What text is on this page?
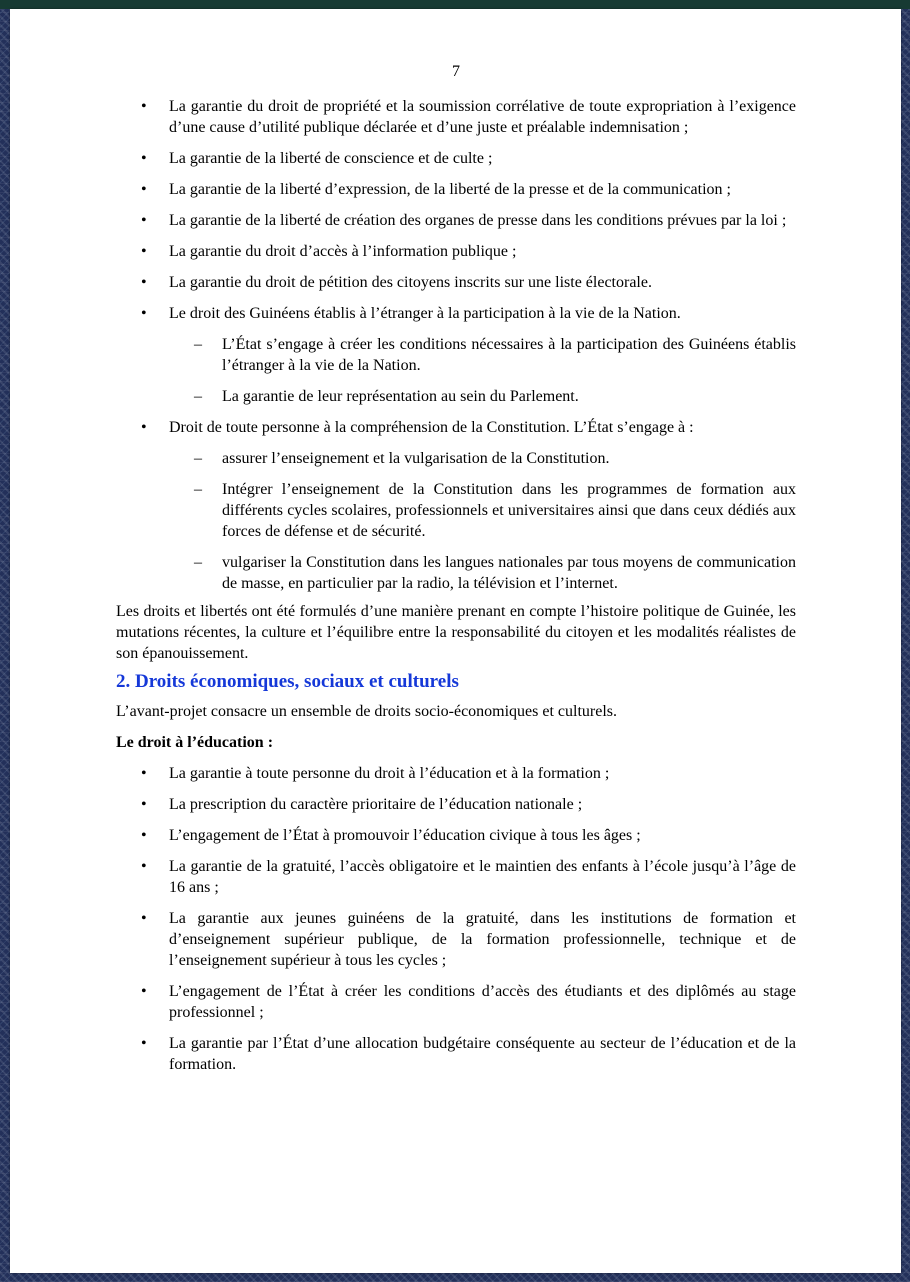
7
• La garantie du droit de propriété et la soumission corrélative de toute expropriation à l’exigence d’une cause d’utilité publique déclarée et d’une juste et préalable indemnisation ;
• La garantie de la liberté de conscience et de culte ;
• La garantie de la liberté d’expression, de la liberté de la presse et de la communication ;
• La garantie de la liberté de création des organes de presse dans les conditions prévues par la loi ;
• La garantie du droit d’accès à l’information publique ;
• La garantie du droit de pétition des citoyens inscrits sur une liste électorale.
• Le droit des Guinéens établis à l’étranger à la participation à la vie de la Nation.
– L’État s’engage à créer les conditions nécessaires à la participation des Guinéens établis l’étranger à la vie de la Nation.
– La garantie de leur représentation au sein du Parlement.
• Droit de toute personne à la compréhension de la Constitution. L’État s’engage à :
– assurer l’enseignement et la vulgarisation de la Constitution.
– Intégrer l’enseignement de la Constitution dans les programmes de formation aux différents cycles scolaires, professionnels et universitaires ainsi que dans ceux dédiés aux forces de défense et de sécurité.
– vulgariser la Constitution dans les langues nationales par tous moyens de communication de masse, en particulier par la radio, la télévision et l’internet.

Les droits et libertés ont été formulés d’une manière prenant en compte l’histoire politique de Guinée, les mutations récentes, la culture et l’équilibre entre la responsabilité du citoyen et les modalités réalistes de son épanouissement.

2. Droits économiques, sociaux et culturels

L’avant-projet consacre un ensemble de droits socio-économiques et culturels.

Le droit à l’éducation :
• La garantie à toute personne du droit à l’éducation et à la formation ;
• La prescription du caractère prioritaire de l’éducation nationale ;
• L’engagement de l’État à promouvoir l’éducation civique à tous les âges ;
• La garantie de la gratuité, l’accès obligatoire et le maintien des enfants à l’école jusqu’à l’âge de 16 ans ;
• La garantie aux jeunes guinéens de la gratuité, dans les institutions de formation et d’enseignement supérieur publique, de la formation professionnelle, technique et de l’enseignement supérieur à tous les cycles ;
• L’engagement de l’État à créer les conditions d’accès des étudiants et des diplômés au stage professionnel ;
• La garantie par l’État d’une allocation budgétaire conséquente au secteur de l’éducation et de la formation.
